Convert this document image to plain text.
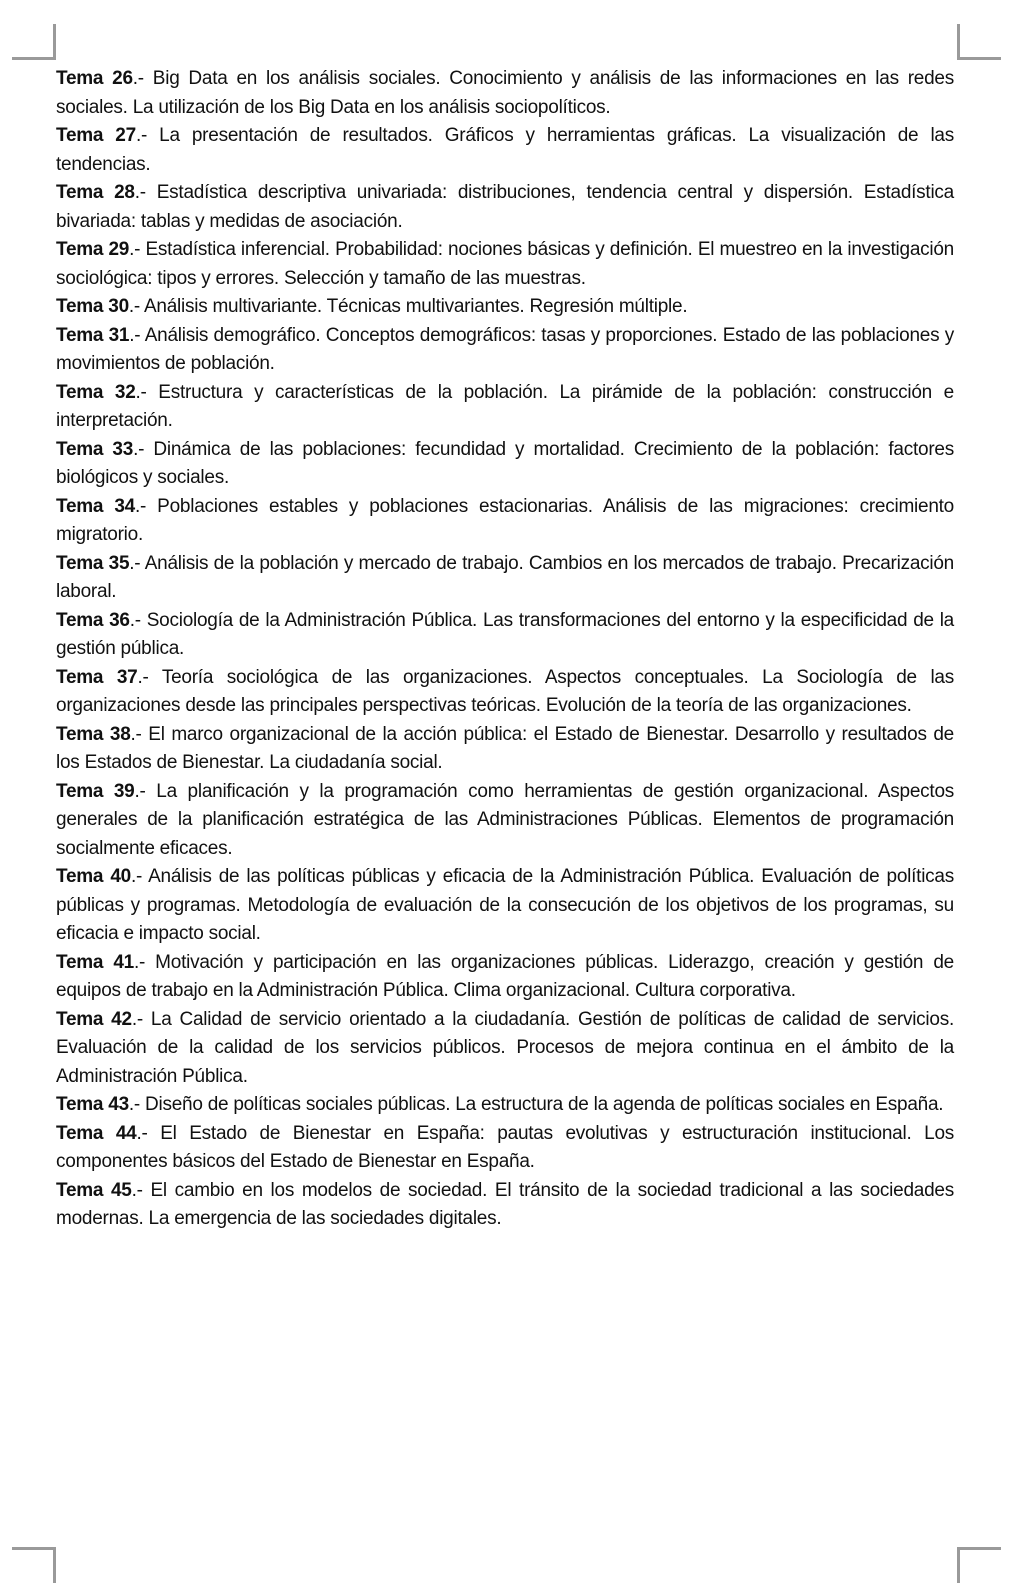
Tema 26.- Big Data en los análisis sociales. Conocimiento y análisis de las informaciones en las redes sociales. La utilización de los Big Data en los análisis sociopolíticos.

Tema 27.- La presentación de resultados. Gráficos y herramientas gráficas. La visualización de las tendencias.

Tema 28.- Estadística descriptiva univariada: distribuciones, tendencia central y dispersión. Estadística bivariada: tablas y medidas de asociación.

Tema 29.- Estadística inferencial. Probabilidad: nociones básicas y definición. El muestreo en la investigación sociológica: tipos y errores. Selección y tamaño de las muestras.

Tema 30.- Análisis multivariante. Técnicas multivariantes. Regresión múltiple.

Tema 31.- Análisis demográfico. Conceptos demográficos: tasas y proporciones. Estado de las poblaciones y movimientos de población.

Tema 32.- Estructura y características de la población. La pirámide de la población: construcción e interpretación.

Tema 33.- Dinámica de las poblaciones: fecundidad y mortalidad. Crecimiento de la población: factores biológicos y sociales.

Tema 34.- Poblaciones estables y poblaciones estacionarias. Análisis de las migraciones: crecimiento migratorio.

Tema 35.- Análisis de la población y mercado de trabajo. Cambios en los mercados de trabajo. Precarización laboral.

Tema 36.- Sociología de la Administración Pública. Las transformaciones del entorno y la especificidad de la gestión pública.

Tema 37.- Teoría sociológica de las organizaciones. Aspectos conceptuales. La Sociología de las organizaciones desde las principales perspectivas teóricas. Evolución de la teoría de las organizaciones.

Tema 38.- El marco organizacional de la acción pública: el Estado de Bienestar. Desarrollo y resultados de los Estados de Bienestar. La ciudadanía social.

Tema 39.- La planificación y la programación como herramientas de gestión organizacional. Aspectos generales de la planificación estratégica de las Administraciones Públicas. Elementos de programación socialmente eficaces.

Tema 40.- Análisis de las políticas públicas y eficacia de la Administración Pública. Evaluación de políticas públicas y programas. Metodología de evaluación de la consecución de los objetivos de los programas, su eficacia e impacto social.

Tema 41.- Motivación y participación en las organizaciones públicas. Liderazgo, creación y gestión de equipos de trabajo en la Administración Pública. Clima organizacional. Cultura corporativa.

Tema 42.- La Calidad de servicio orientado a la ciudadanía. Gestión de políticas de calidad de servicios. Evaluación de la calidad de los servicios públicos. Procesos de mejora continua en el ámbito de la Administración Pública.

Tema 43.- Diseño de políticas sociales públicas. La estructura de la agenda de políticas sociales en España.

Tema 44.- El Estado de Bienestar en España: pautas evolutivas y estructuración institucional. Los componentes básicos del Estado de Bienestar en España.

Tema 45.- El cambio en los modelos de sociedad. El tránsito de la sociedad tradicional a las sociedades modernas. La emergencia de las sociedades digitales.
